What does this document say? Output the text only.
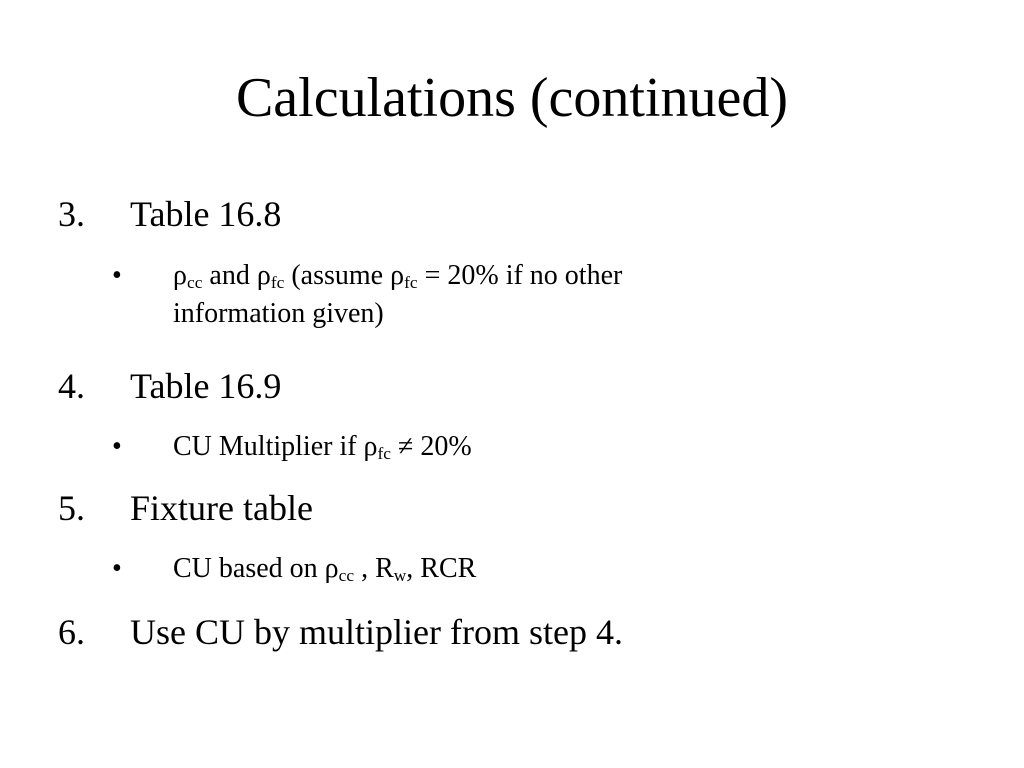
Calculations (continued)
3. Table 16.8
• $\rho_{cc}$ and $\rho_{fc}$ (assume $\rho_{fc} = 20\%$ if no other
information given)
4. Table 16.9
• CU Multiplier if $\rho_{fc} \ne 20\%$
5. Fixture table
• CU based on $\rho_{cc}$ , $R_w$, RCR
6. Use CU by multiplier from step 4.
